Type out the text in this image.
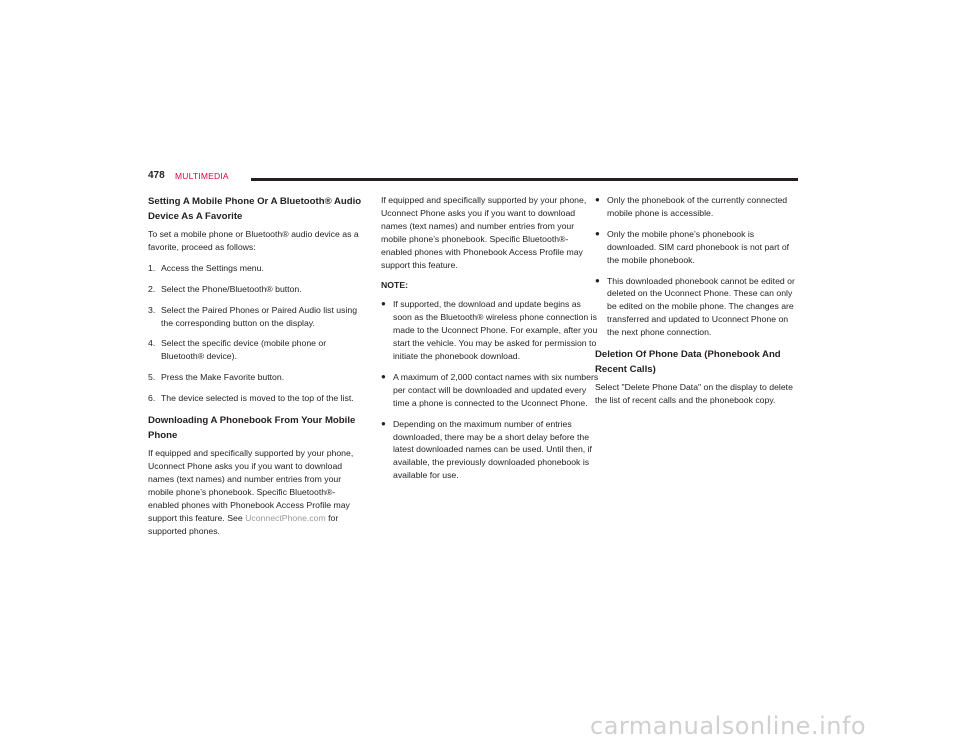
478 MULTIMEDIA
Setting A Mobile Phone Or A Bluetooth® Audio Device As A Favorite

To set a mobile phone or Bluetooth® audio device as a favorite, proceed as follows:

1. Access the Settings menu.
2. Select the Phone/Bluetooth® button.
3. Select the Paired Phones or Paired Audio list using the corresponding button on the display.
4. Select the specific device (mobile phone or Bluetooth® device).
5. Press the Make Favorite button.
6. The device selected is moved to the top of the list.
Downloading A Phonebook From Your Mobile Phone

If equipped and specifically supported by your phone, Uconnect Phone asks you if you want to download names (text names) and number entries from your mobile phone’s phonebook. Specific Bluetooth®-enabled phones with Phonebook Access Profile may support this feature. See UconnectPhone.com for supported phones.

If equipped and specifically supported by your phone, Uconnect Phone asks you if you want to download names (text names) and number entries from your mobile phone’s phonebook. Specific Bluetooth®-enabled phones with Phonebook Access Profile may support this feature.

NOTE:
● If supported, the download and update begins as soon as the Bluetooth® wireless phone connection is made to the Uconnect Phone. For example, after you start the vehicle. You may be asked for permission to initiate the phonebook download.
● A maximum of 2,000 contact names with six numbers per contact will be downloaded and updated every time a phone is connected to the Uconnect Phone.
● Depending on the maximum number of entries downloaded, there may be a short delay before the latest downloaded names can be used. Until then, if available, the previously downloaded phonebook is available for use.
● Only the phonebook of the currently connected mobile phone is accessible.
● Only the mobile phone’s phonebook is downloaded. SIM card phonebook is not part of the mobile phonebook.
● This downloaded phonebook cannot be edited or deleted on the Uconnect Phone. These can only be edited on the mobile phone. The changes are transferred and updated to Uconnect Phone on the next phone connection.
Deletion Of Phone Data (Phonebook And Recent Calls)

Select "Delete Phone Data" on the display to delete the list of recent calls and the phonebook copy.

carmanualsonline.info
